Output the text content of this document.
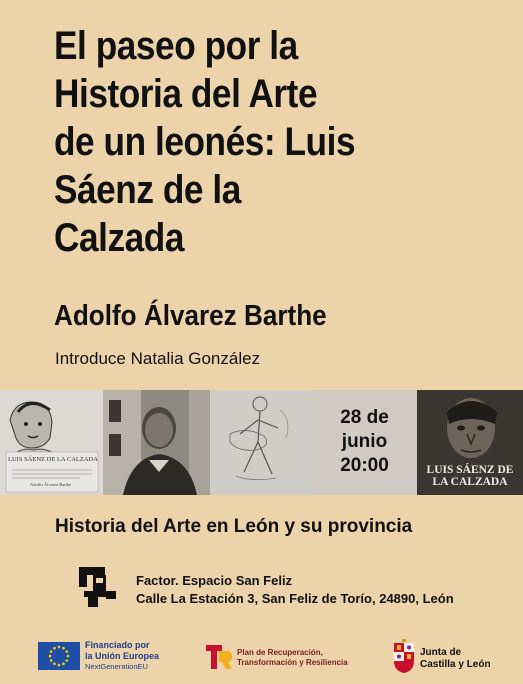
El paseo por la
Historia del Arte
de un leonés: Luis
Sáenz de la
Calzada
Adolfo Álvarez Barthe
Introduce Natalia González
LUIS SÁENZ DE LA CALZADA
Adolfo Álvarez Barthe
28 de
junio
20:00	LUIS SÁENZ DE LA CALZADA
Historia del Arte en León y su provincia
Factor. Espacio San Feliz
Calle La Estación 3, San Feliz de Torío, 24890, León
Financiado por
la Unión Europea
NextGenerationEU
Plan de Recuperación,
Transformación y Resiliencia
Junta de
Castilla y León
